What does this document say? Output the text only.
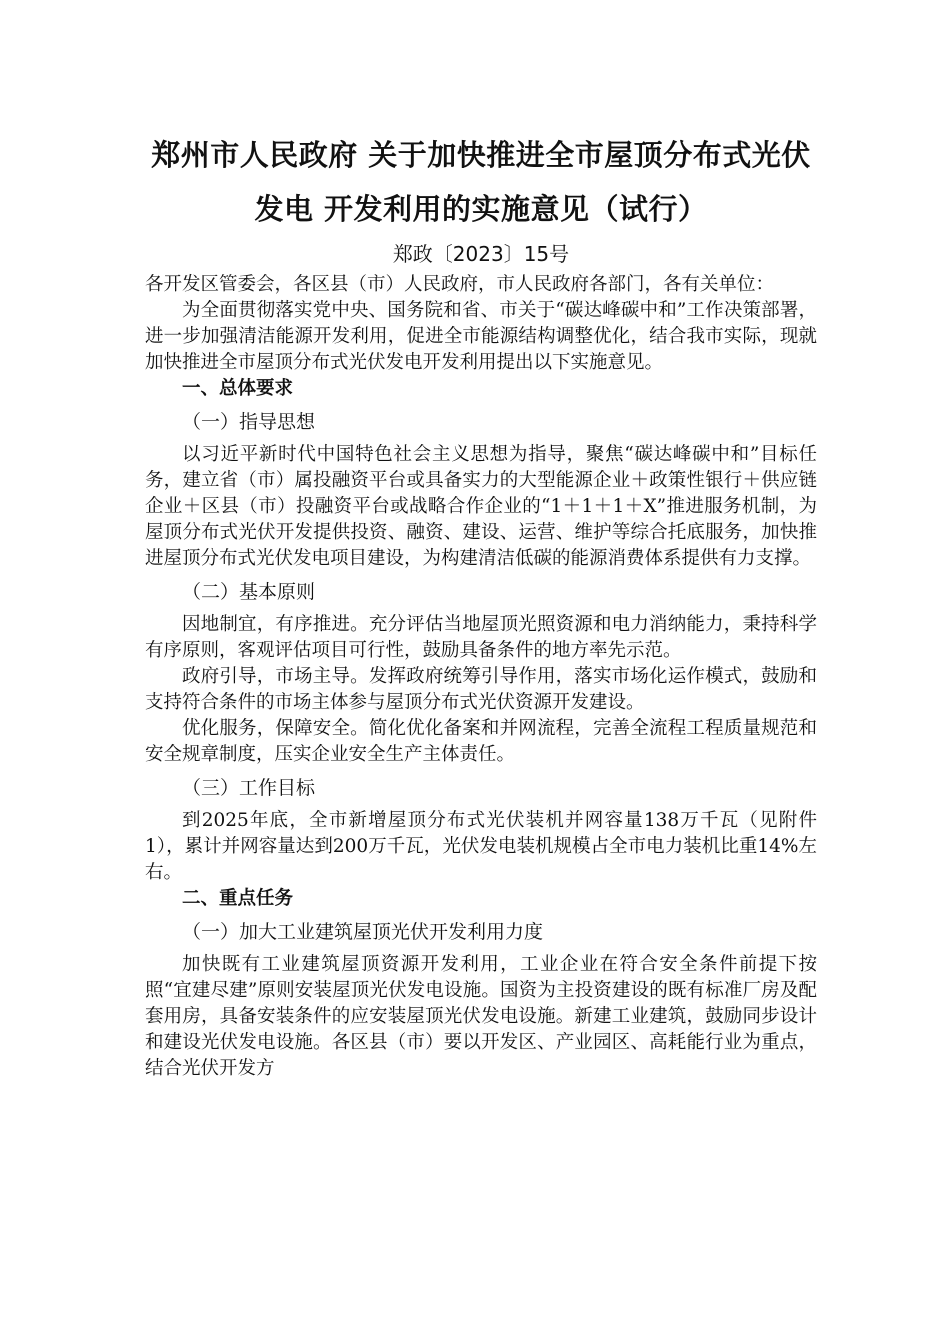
郑州市人民政府 关于加快推进全市屋顶分布式光伏
发电 开发利用的实施意见（试行）
郑政〔2023〕15号

各开发区管委会，各区县（市）人民政府，市人民政府各部门，各有关单位：

为全面贯彻落实党中央、国务院和省、市关于“碳达峰碳中和”工作决策部署，进一步加强清洁能源开发利用，促进全市能源结构调整优化，结合我市实际，现就加快推进全市屋顶分布式光伏发电开发利用提出以下实施意见。

一、总体要求
（一）指导思想

以习近平新时代中国特色社会主义思想为指导，聚焦“碳达峰碳中和”目标任务，建立省（市）属投融资平台或具备实力的大型能源企业＋政策性银行＋供应链企业＋区县（市）投融资平台或战略合作企业的“1＋1＋1＋X”推进服务机制，为屋顶分布式光伏开发提供投资、融资、建设、运营、维护等综合托底服务，加快推进屋顶分布式光伏发电项目建设，为构建清洁低碳的能源消费体系提供有力支撑。

（二）基本原则

因地制宜，有序推进。充分评估当地屋顶光照资源和电力消纳能力，秉持科学有序原则，客观评估项目可行性，鼓励具备条件的地方率先示范。

政府引导，市场主导。发挥政府统筹引导作用，落实市场化运作模式，鼓励和支持符合条件的市场主体参与屋顶分布式光伏资源开发建设。

优化服务，保障安全。简化优化备案和并网流程，完善全流程工程质量规范和安全规章制度，压实企业安全生产主体责任。

（三）工作目标

到2025年底，全市新增屋顶分布式光伏装机并网容量138万千瓦（见附件1），累计并网容量达到200万千瓦，光伏发电装机规模占全市电力装机比重14%左右。

二、重点任务
（一）加大工业建筑屋顶光伏开发利用力度

加快既有工业建筑屋顶资源开发利用，工业企业在符合安全条件前提下按照“宜建尽建”原则安装屋顶光伏发电设施。国资为主投资建设的既有标准厂房及配套用房，具备安装条件的应安装屋顶光伏发电设施。新建工业建筑，鼓励同步设计和建设光伏发电设施。各区县（市）要以开发区、产业园区、高耗能行业为重点，结合光伏开发方
